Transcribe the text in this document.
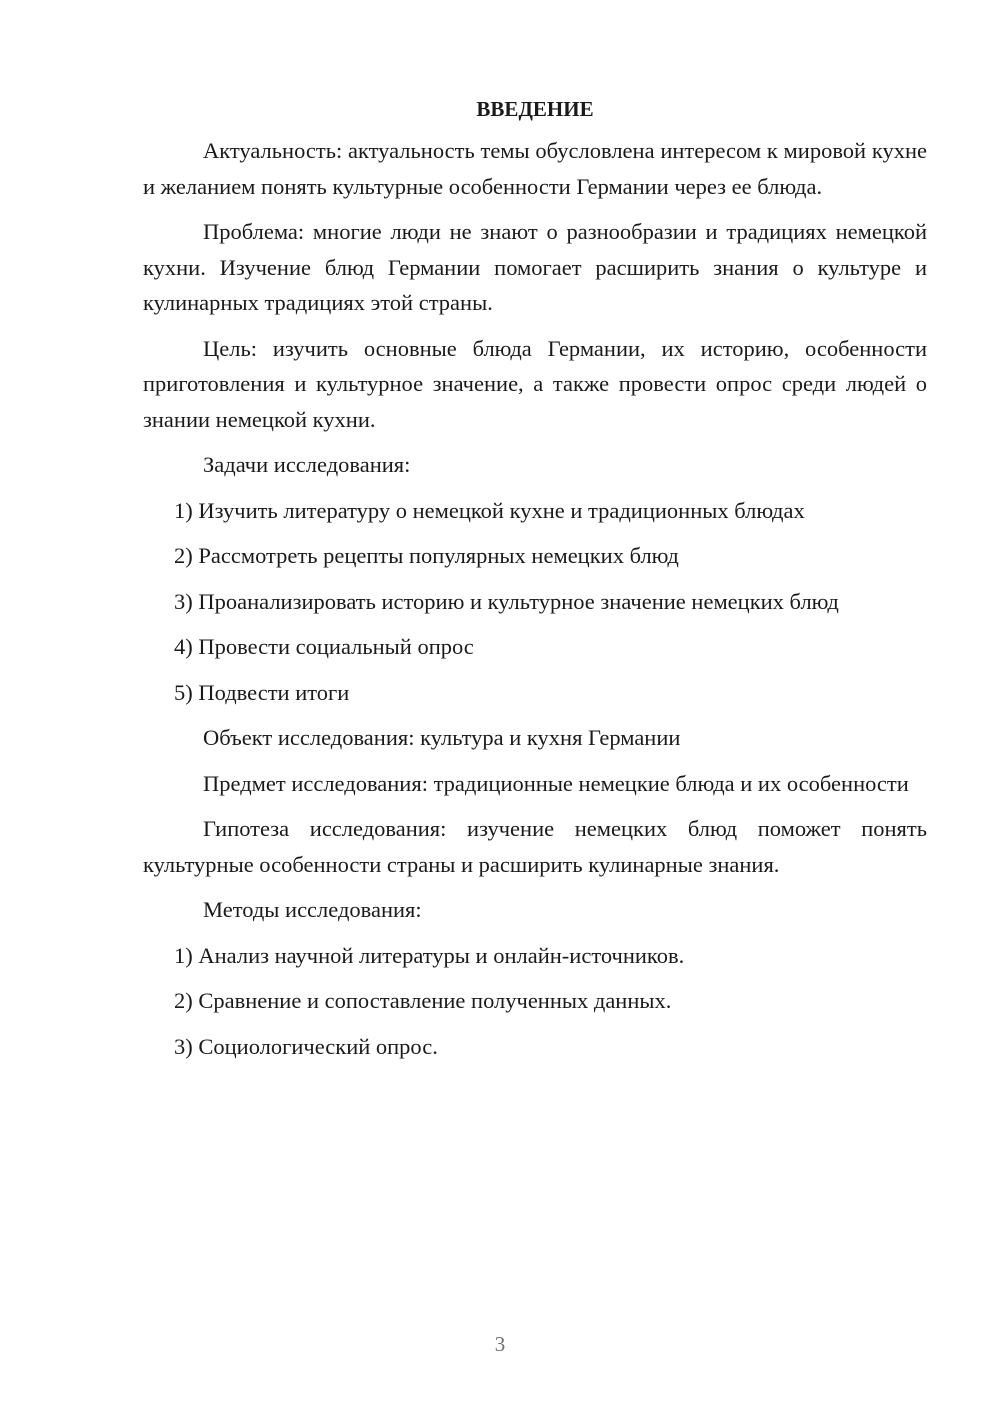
ВВЕДЕНИЕ

Актуальность: актуальность темы обусловлена интересом к мировой кухне и желанием понять культурные особенности Германии через ее блюда.

Проблема: многие люди не знают о разнообразии и традициях немецкой кухни. Изучение блюд Германии помогает расширить знания о культуре и кулинарных традициях этой страны.

Цель: изучить основные блюда Германии, их историю, особенности приготовления и культурное значение, а также провести опрос среди людей о знании немецкой кухни.

Задачи исследования:

1) Изучить литературу о немецкой кухне и традиционных блюдах
2) Рассмотреть рецепты популярных немецких блюд
3) Проанализировать историю и культурное значение немецких блюд
4) Провести социальный опрос
5) Подвести итоги

Объект исследования: культура и кухня Германии

Предмет исследования: традиционные немецкие блюда и их особенности

Гипотеза исследования: изучение немецких блюд поможет понять культурные особенности страны и расширить кулинарные знания.

Методы исследования:

1) Анализ научной литературы и онлайн-источников.
2) Сравнение и сопоставление полученных данных.
3) Социологический опрос.
3
